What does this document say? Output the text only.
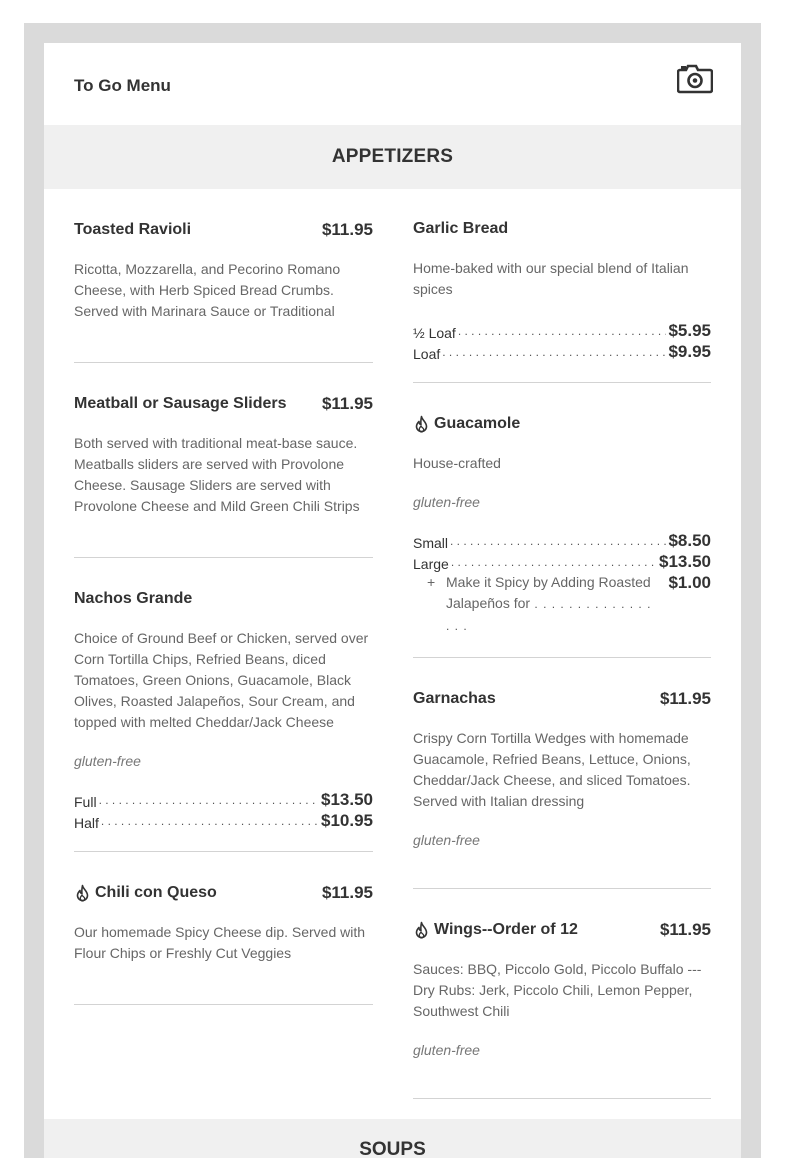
To Go Menu
APPETIZERS
Toasted Ravioli	$11.95

Ricotta, Mozzarella, and Pecorino Romano Cheese, with Herb Spiced Bread Crumbs. Served with Marinara Sauce or Traditional

Meatball or Sausage Sliders $11.95

Both served with traditional meat-base sauce. Meatballs sliders are served with Provolone Cheese. Sausage Sliders are served with Provolone Cheese and Mild Green Chili Strips

Nachos Grande

Choice of Ground Beef or Chicken, served over Corn Tortilla Chips, Refried Beans, diced Tomatoes, Green Onions, Guacamole, Black Olives, Roasted Jalapeños, Sour Cream, and topped with melted Cheddar/Jack Cheese

gluten-free

Full . . .	$13.50
Half . . .	$10.95
Chili con Queso	$11.95

Our homemade Spicy Cheese dip. Served with Flour Chips or Freshly Cut Veggies

Garlic Bread

Home-baked with our special blend of Italian spices

½ Loaf . . .	$5.95
Loaf . . .	$9.95
Guacamole

House-crafted

gluten-free

Small . . .	$8.50
Large . . .	$13.50
+ Make it Spicy by Adding Roasted Jalapeños for . . . . . . . . . . . . . . . . .
$1.00
Garnachas	$11.95

Crispy Corn Tortilla Wedges with homemade Guacamole, Refried Beans, Lettuce, Onions, Cheddar/Jack Cheese, and sliced Tomatoes. Served with Italian dressing

gluten-free

Wings--Order of 12	$11.95

Sauces: BBQ, Piccolo Gold, Piccolo Buffalo ---Dry Rubs: Jerk, Piccolo Chili, Lemon Pepper, Southwest Chili

gluten-free

SOUPS
